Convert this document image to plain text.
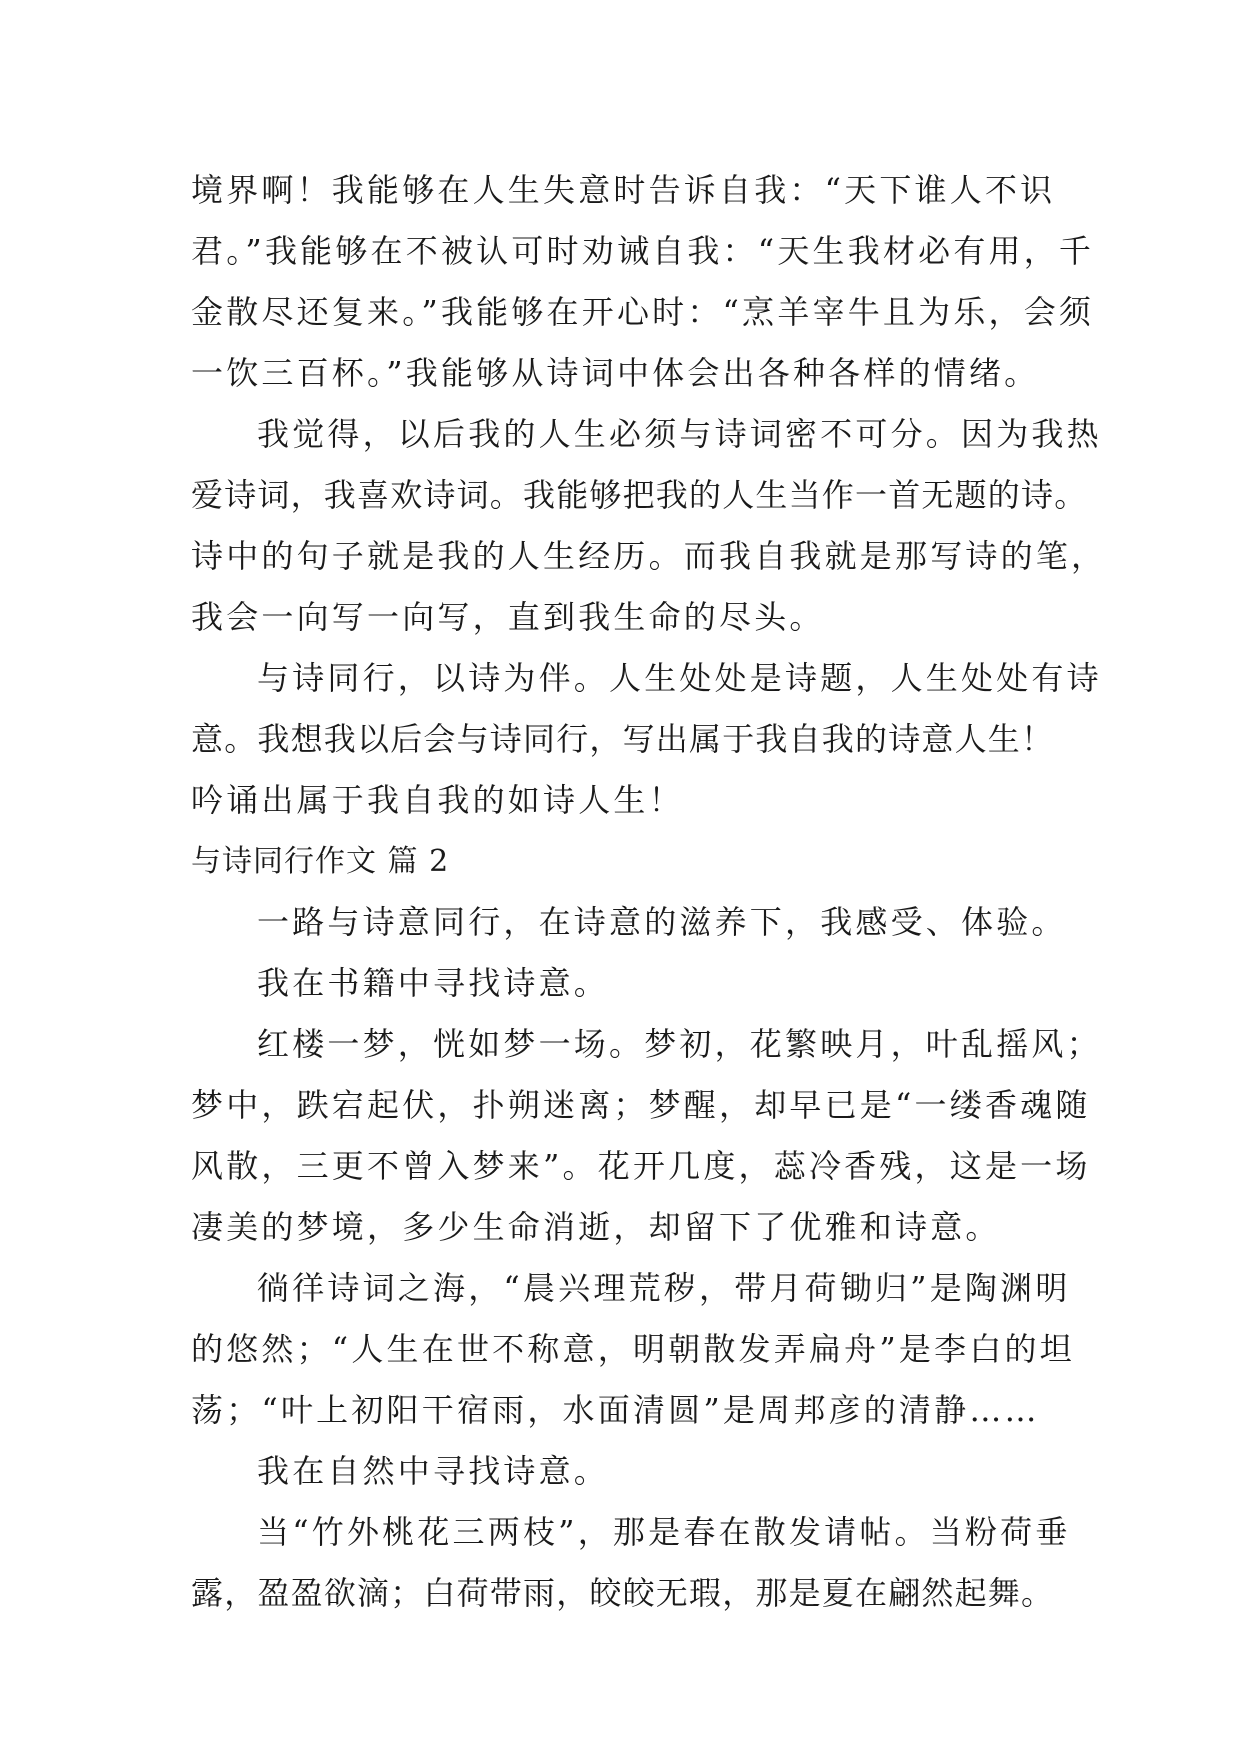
境界啊！我能够在人生失意时告诉自我：“天下谁人不识
君。”我能够在不被认可时劝诫自我：“天生我材必有用，千
金散尽还复来。”我能够在开心时：“烹羊宰牛且为乐，会须
一饮三百杯。”我能够从诗词中体会出各种各样的情绪。
我觉得，以后我的人生必须与诗词密不可分。因为我热
爱诗词，我喜欢诗词。我能够把我的人生当作一首无题的诗。
诗中的句子就是我的人生经历。而我自我就是那写诗的笔，
我会一向写一向写，直到我生命的尽头。
与诗同行，以诗为伴。人生处处是诗题，人生处处有诗
意。我想我以后会与诗同行，写出属于我自我的诗意人生！
吟诵出属于我自我的如诗人生！
与诗同行作文 篇 2
一路与诗意同行，在诗意的滋养下，我感受、体验。
我在书籍中寻找诗意。
红楼一梦，恍如梦一场。梦初，花繁映月，叶乱摇风；
梦中，跌宕起伏，扑朔迷离；梦醒，却早已是“一缕香魂随
风散，三更不曾入梦来”。花开几度，蕊冷香残，这是一场
凄美的梦境，多少生命消逝，却留下了优雅和诗意。
徜徉诗词之海，“晨兴理荒秽，带月荷锄归”是陶渊明
的悠然；“人生在世不称意，明朝散发弄扁舟”是李白的坦
荡；“叶上初阳干宿雨，水面清圆”是周邦彦的清静……
我在自然中寻找诗意。
当“竹外桃花三两枝”，那是春在散发请帖。当粉荷垂
露，盈盈欲滴；白荷带雨，皎皎无瑕，那是夏在翩然起舞。
